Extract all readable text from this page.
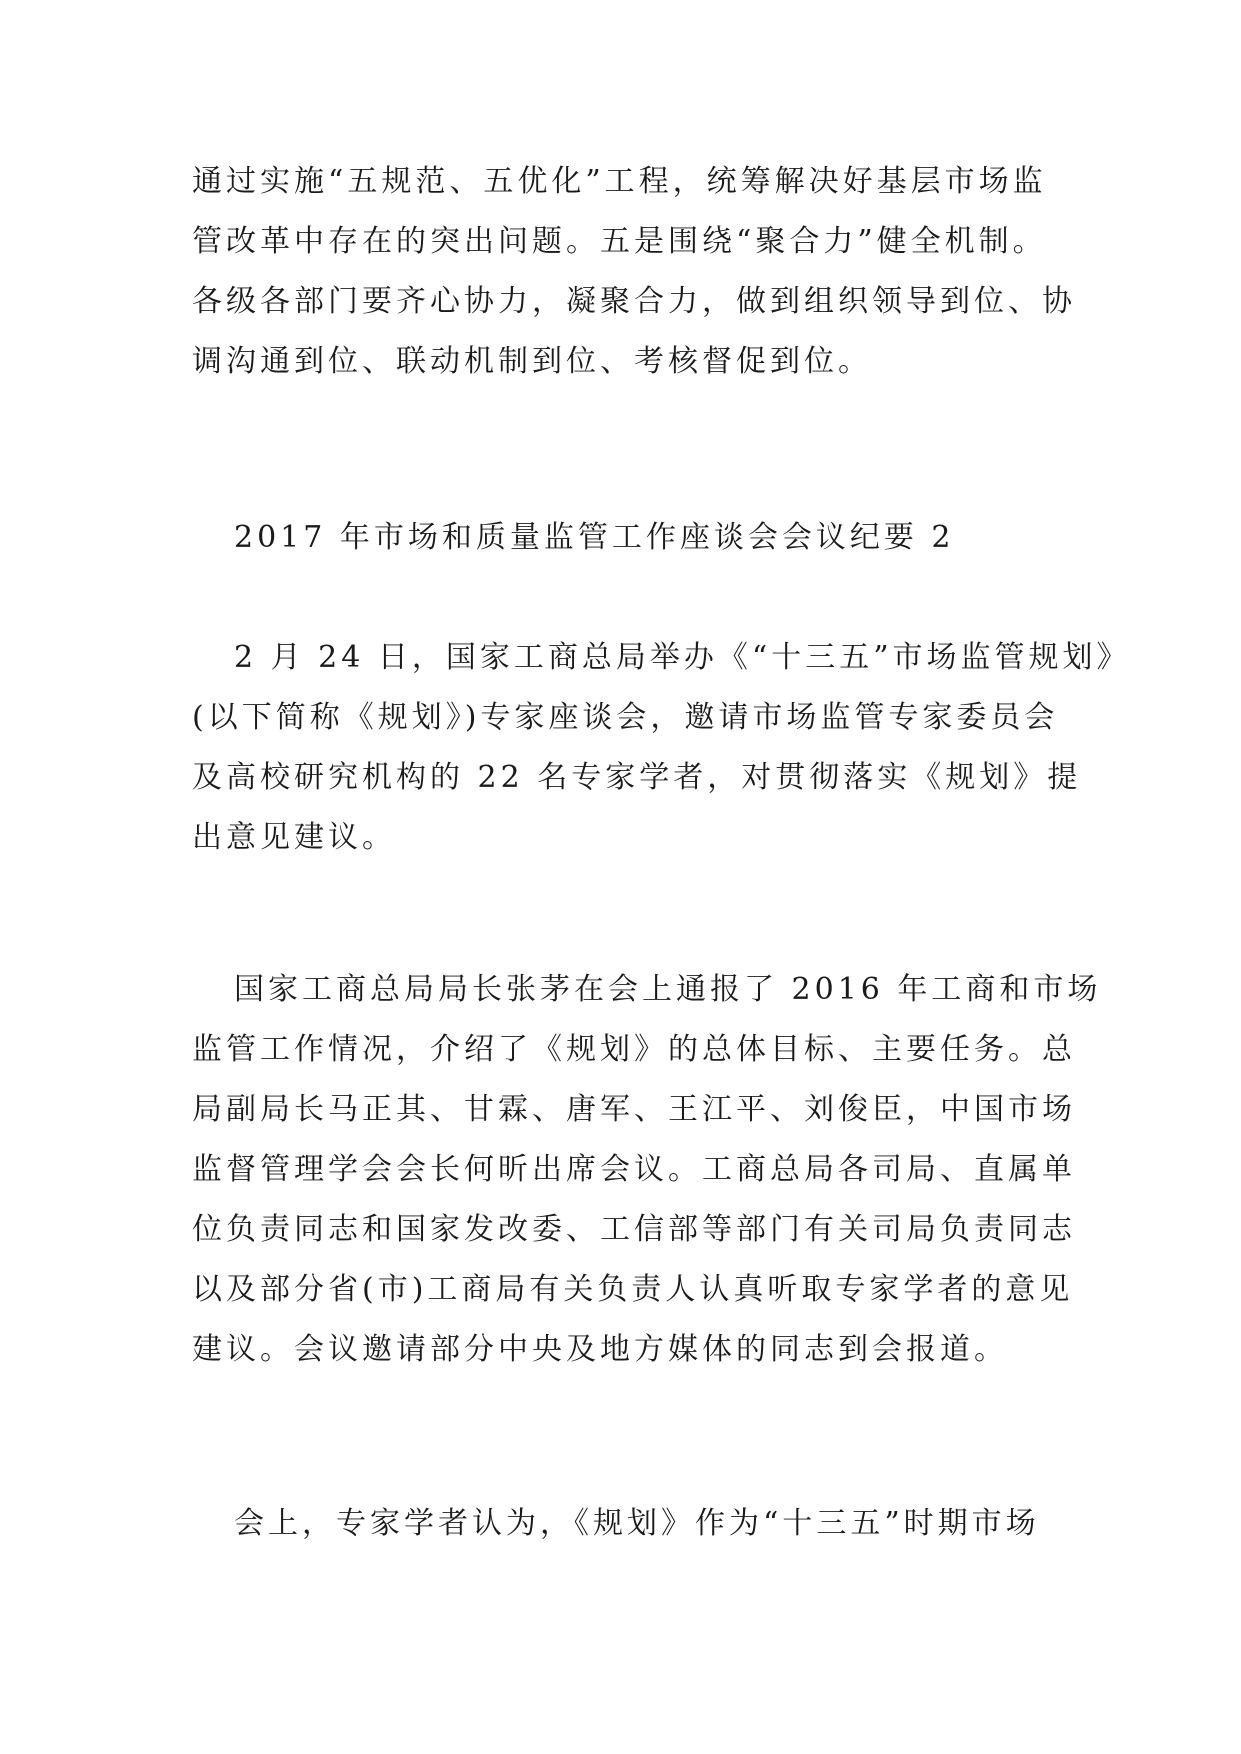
通过实施“五规范、五优化”工程，统筹解决好基层市场监
管改革中存在的突出问题。五是围绕“聚合力”健全机制。
各级各部门要齐心协力，凝聚合力，做到组织领导到位、协
调沟通到位、联动机制到位、考核督促到位。
2017 年市场和质量监管工作座谈会会议纪要 2
2 月 24 日，国家工商总局举办《“十三五”市场监管规划》
(以下简称《规划》)专家座谈会，邀请市场监管专家委员会
及高校研究机构的 22 名专家学者，对贯彻落实《规划》提
出意见建议。
国家工商总局局长张茅在会上通报了 2016 年工商和市场
监管工作情况，介绍了《规划》的总体目标、主要任务。总
局副局长马正其、甘霖、唐军、王江平、刘俊臣，中国市场
监督管理学会会长何昕出席会议。工商总局各司局、直属单
位负责同志和国家发改委、工信部等部门有关司局负责同志
以及部分省(市)工商局有关负责人认真听取专家学者的意见
建议。会议邀请部分中央及地方媒体的同志到会报道。
会上，专家学者认为，《规划》作为“十三五”时期市场
